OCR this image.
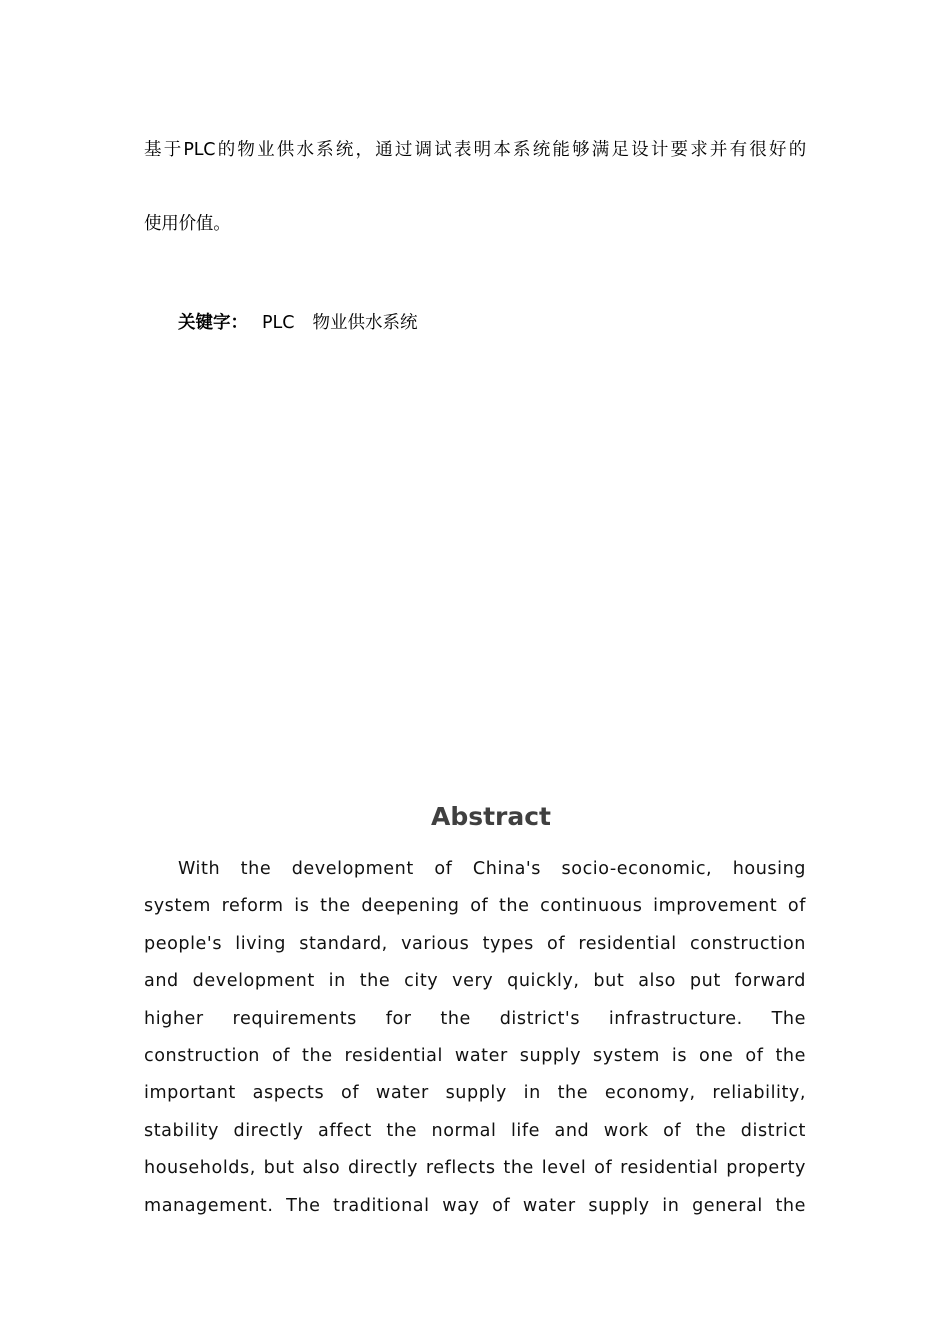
基于PLC的物业供水系统，通过调试表明本系统能够满足设计要求并有很好的
使用价值。
关键字： PLC 物业供水系统
Abstract
With the development of China's socio-economic, housing
system reform is the deepening of the continuous improvement of
people's living standard, various types of residential construction
and development in the city very quickly, but also put forward
higher requirements for the district's infrastructure. The
construction of the residential water supply system is one of the
important aspects of water supply in the economy, reliability,
stability directly affect the normal life and work of the district
households, but also directly reflects the level of residential property
management. The traditional way of water supply in general the
